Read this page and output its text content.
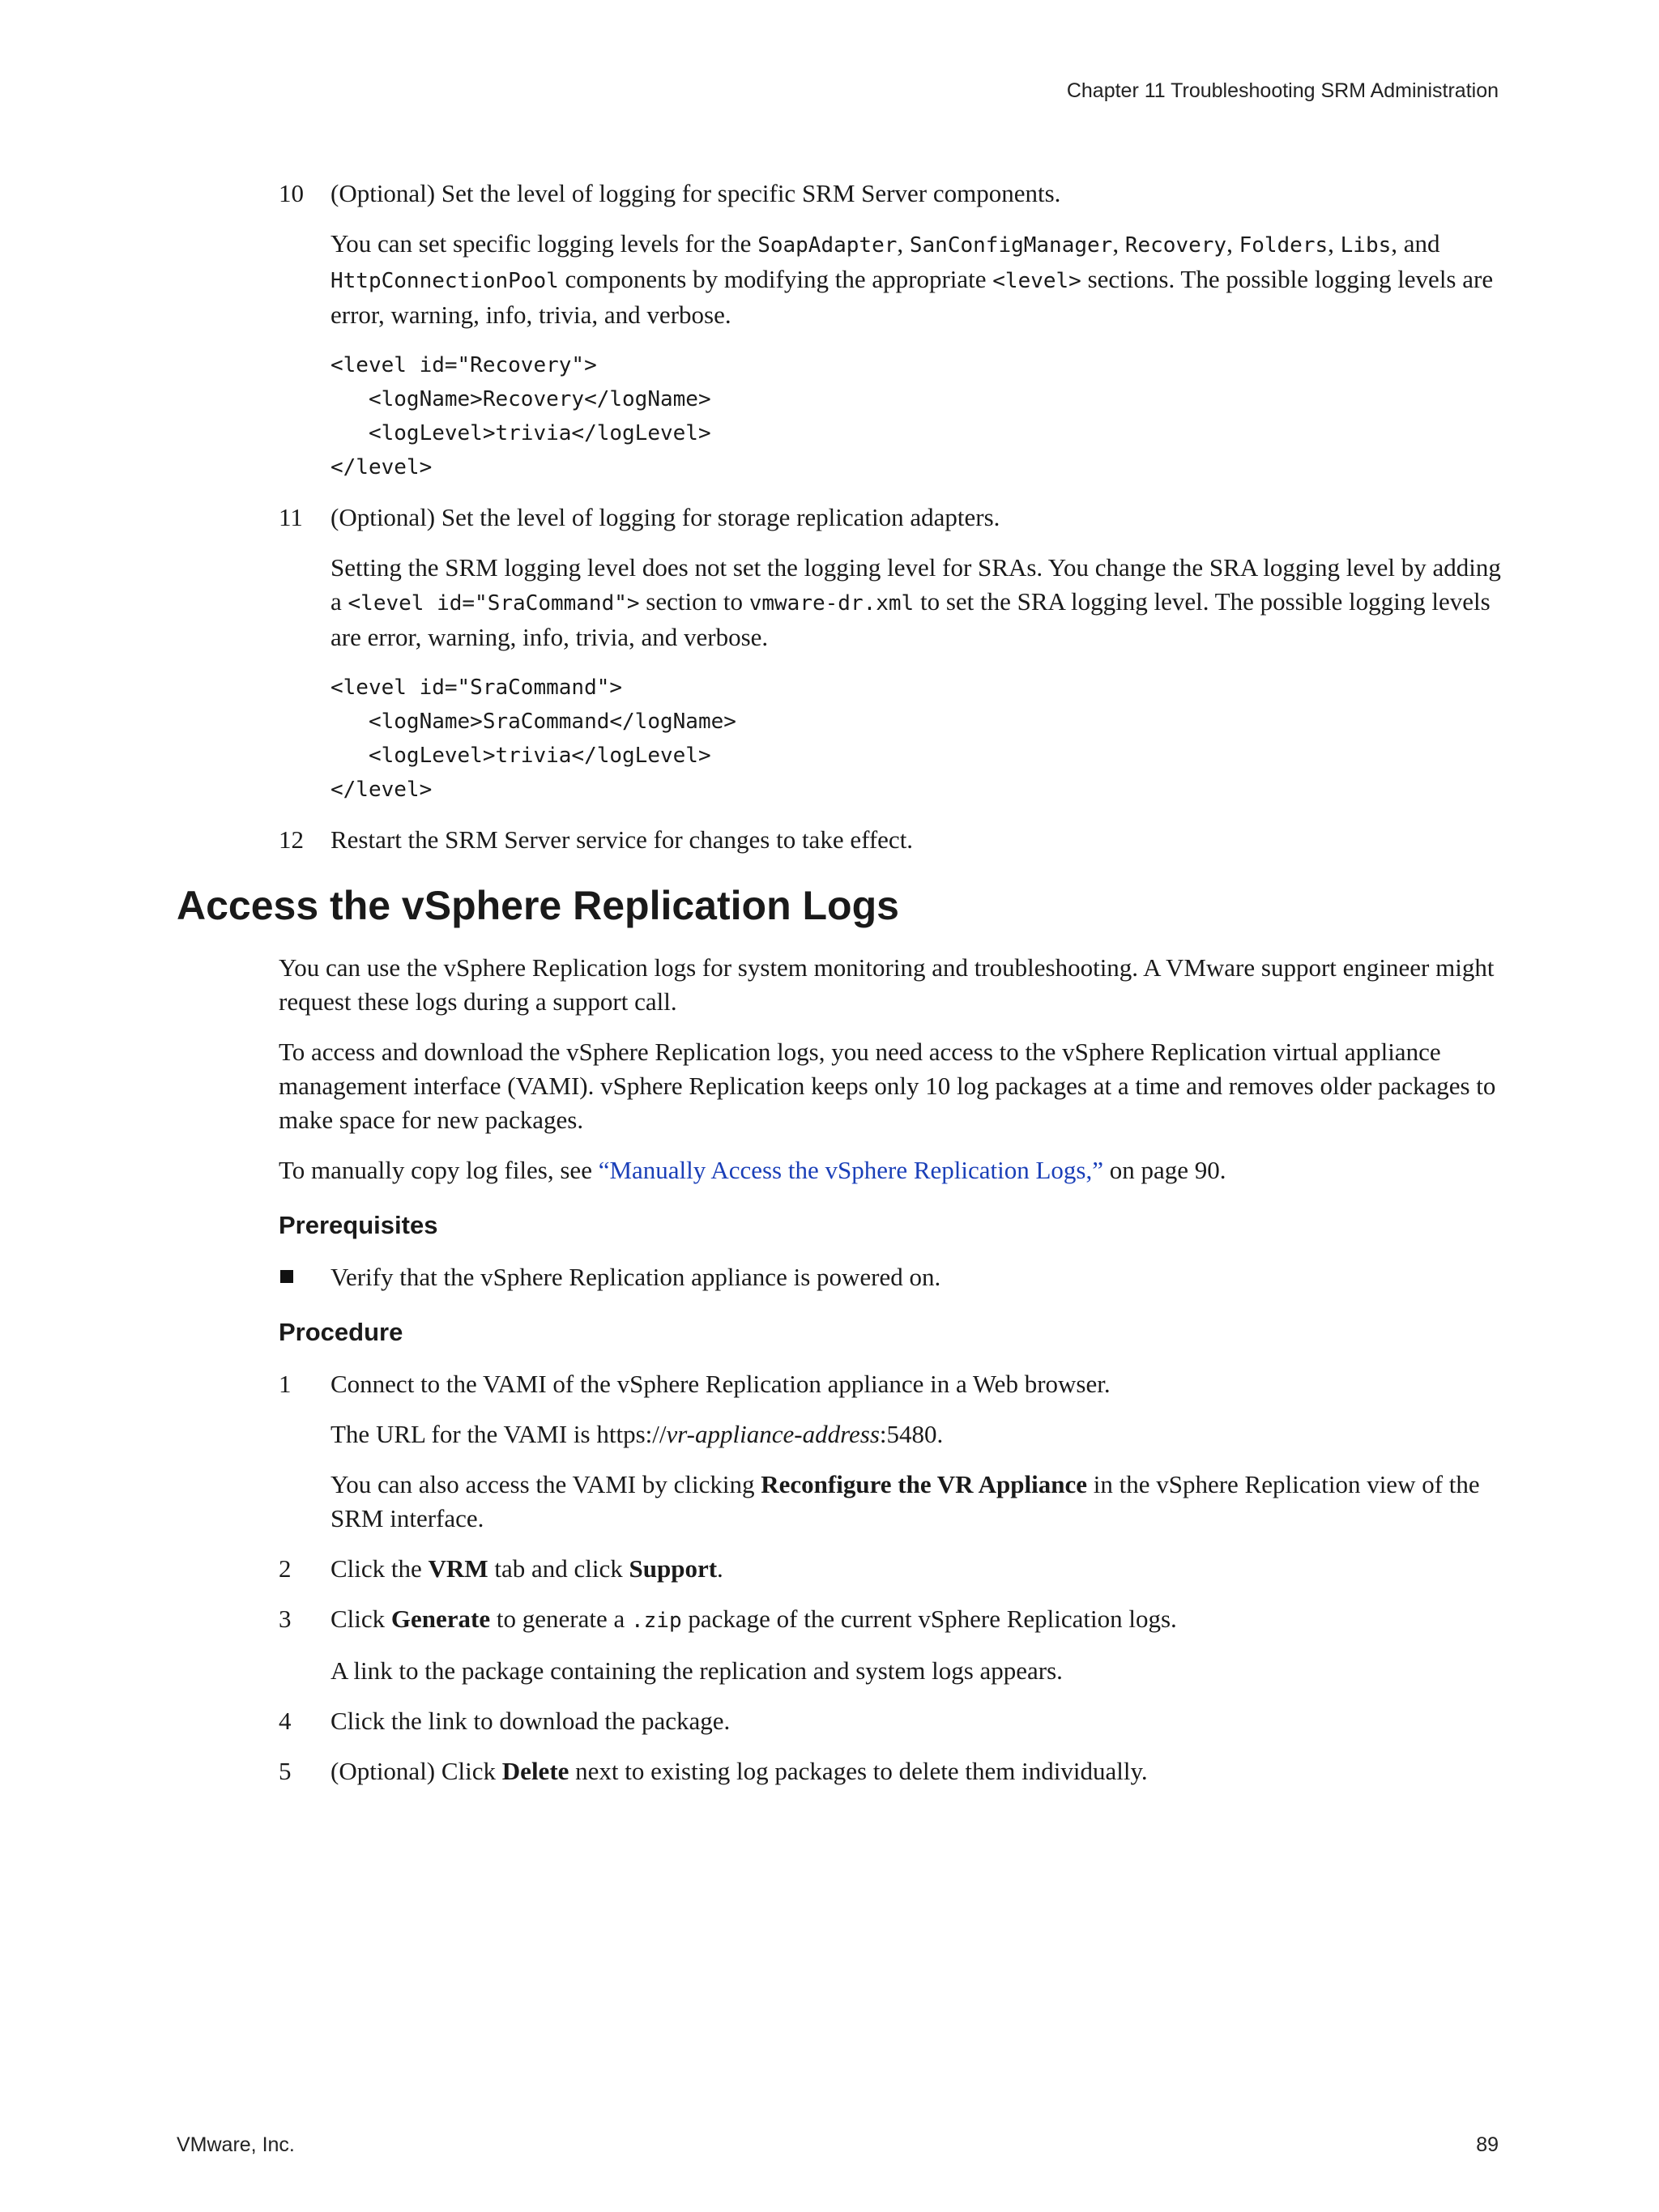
Chapter 11 Troubleshooting SRM Administration
10 (Optional) Set the level of logging for specific SRM Server components.

You can set specific logging levels for the SoapAdapter, SanConfigManager, Recovery, Folders, Libs, and HttpConnectionPool components by modifying the appropriate <level> sections. The possible logging levels are error, warning, info, trivia, and verbose.

<level id="Recovery">
<logName>Recovery</logName>
<logLevel>trivia</logLevel>
</level>
11 (Optional) Set the level of logging for storage replication adapters.

Setting the SRM logging level does not set the logging level for SRAs. You change the SRA logging level by adding a <level id="SraCommand"> section to vmware-dr.xml to set the SRA logging level. The possible logging levels are error, warning, info, trivia, and verbose.

<level id="SraCommand">
<logName>SraCommand</logName>
<logLevel>trivia</logLevel>
</level>
12 Restart the SRM Server service for changes to take effect.

Access the vSphere Replication Logs

You can use the vSphere Replication logs for system monitoring and troubleshooting. A VMware support engineer might request these logs during a support call.

To access and download the vSphere Replication logs, you need access to the vSphere Replication virtual appliance management interface (VAMI). vSphere Replication keeps only 10 log packages at a time and removes older packages to make space for new packages.

To manually copy log files, see “Manually Access the vSphere Replication Logs,” on page 90.

Prerequisites

Verify that the vSphere Replication appliance is powered on.

Procedure
1 Connect to the VAMI of the vSphere Replication appliance in a Web browser.

The URL for the VAMI is https://vr-appliance-address:5480.

You can also access the VAMI by clicking Reconfigure the VR Appliance in the vSphere Replication view of the SRM interface.

2 Click the VRM tab and click Support.

3 Click Generate to generate a .zip package of the current vSphere Replication logs.

A link to the package containing the replication and system logs appears.

4 Click the link to download the package.

5 (Optional) Click Delete next to existing log packages to delete them individually.

VMware, Inc.	89
